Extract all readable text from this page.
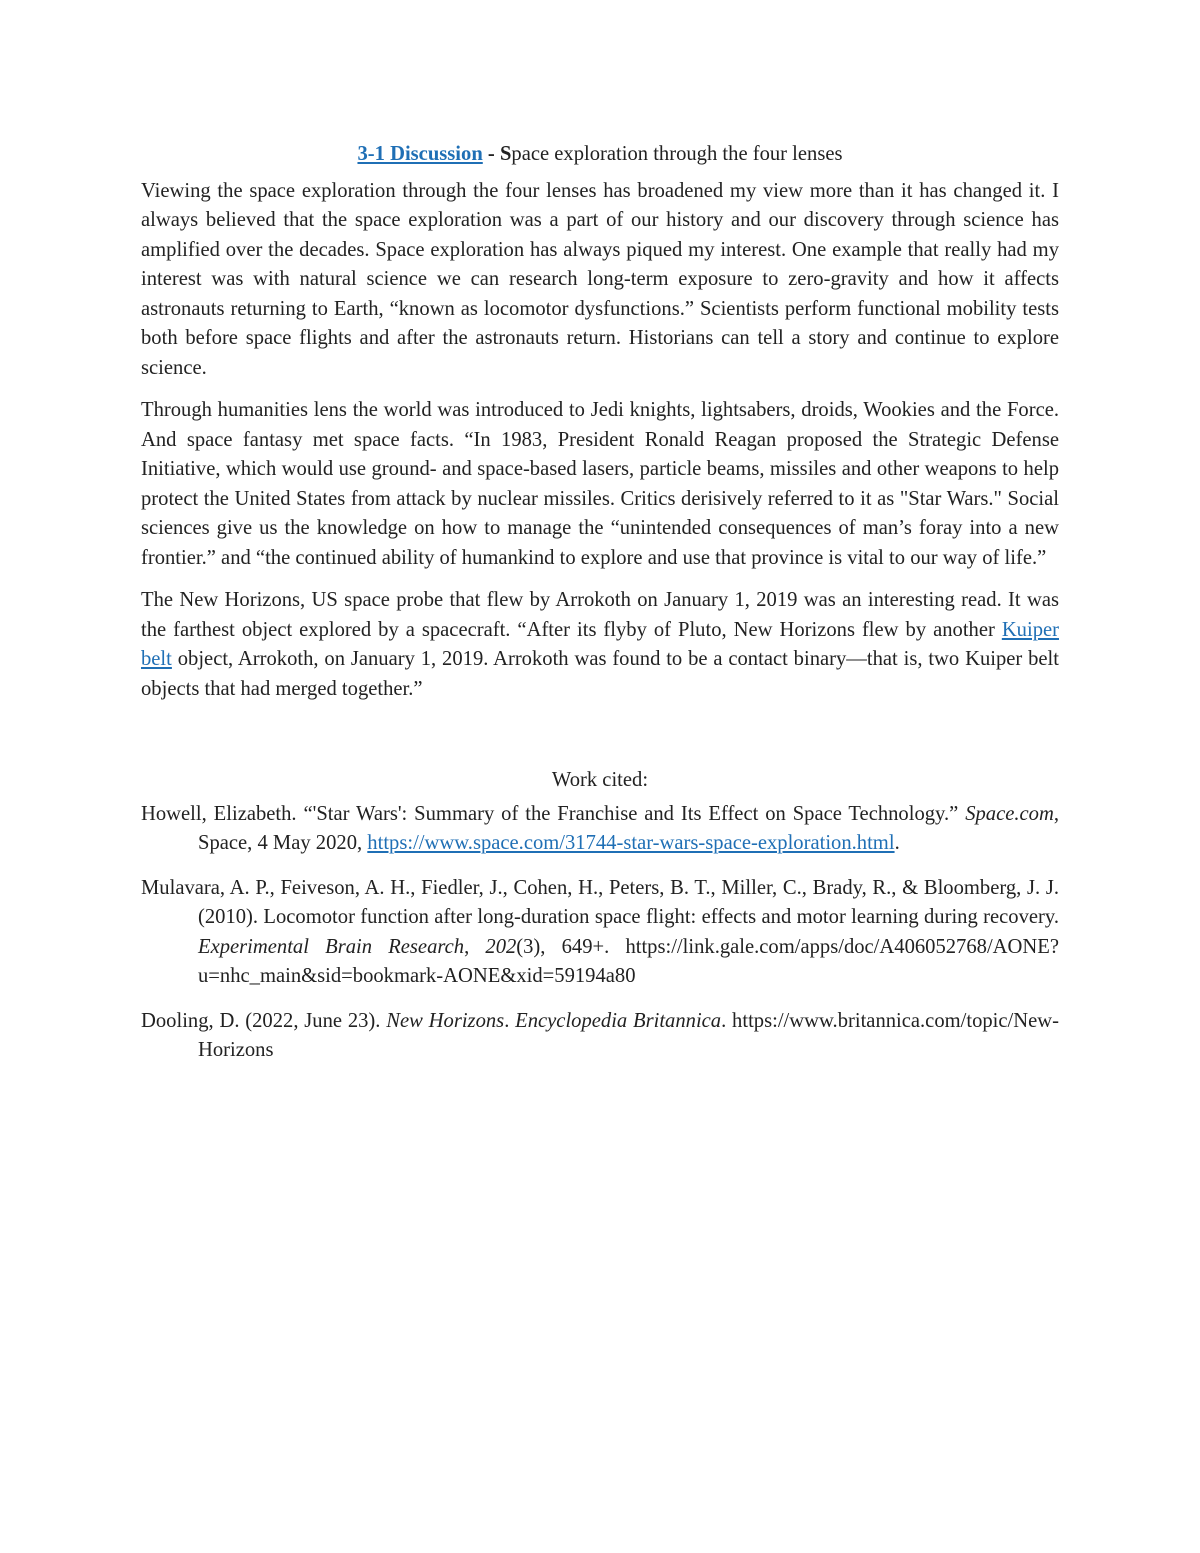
3-1 Discussion - Space exploration through the four lenses

Viewing the space exploration through the four lenses has broadened my view more than it has changed it. I always believed that the space exploration was a part of our history and our discovery through science has amplified over the decades. Space exploration has always piqued my interest. One example that really had my interest was with natural science we can research long-term exposure to zero-gravity and how it affects astronauts returning to Earth, “known as locomotor dysfunctions.” Scientists perform functional mobility tests both before space flights and after the astronauts return. Historians can tell a story and continue to explore science.

Through humanities lens the world was introduced to Jedi knights, lightsabers, droids, Wookies and the Force. And space fantasy met space facts. “In 1983, President Ronald Reagan proposed the Strategic Defense Initiative, which would use ground- and space-based lasers, particle beams, missiles and other weapons to help protect the United States from attack by nuclear missiles. Critics derisively referred to it as "Star Wars." Social sciences give us the knowledge on how to manage the “unintended consequences of man’s foray into a new frontier.” and “the continued ability of humankind to explore and use that province is vital to our way of life.”

The New Horizons, US space probe that flew by Arrokoth on January 1, 2019 was an interesting read. It was the farthest object explored by a spacecraft. “After its flyby of Pluto, New Horizons flew by another Kuiper belt object, Arrokoth, on January 1, 2019. Arrokoth was found to be a contact binary—that is, two Kuiper belt objects that had merged together.”

Work cited:

Howell, Elizabeth. “'Star Wars': Summary of the Franchise and Its Effect on Space Technology.” Space.com, Space, 4 May 2020, https://www.space.com/31744-star-wars-space-exploration.html.

Mulavara, A. P., Feiveson, A. H., Fiedler, J., Cohen, H., Peters, B. T., Miller, C., Brady, R., & Bloomberg, J. J. (2010). Locomotor function after long-duration space flight: effects and motor learning during recovery. Experimental Brain Research, 202(3), 649+. https://link.gale.com/apps/doc/A406052768/AONE?u=nhc_main&sid=bookmark-AONE&xid=59194a80

Dooling, D. (2022, June 23). New Horizons. Encyclopedia Britannica. https://www.britannica.com/topic/New-Horizons
